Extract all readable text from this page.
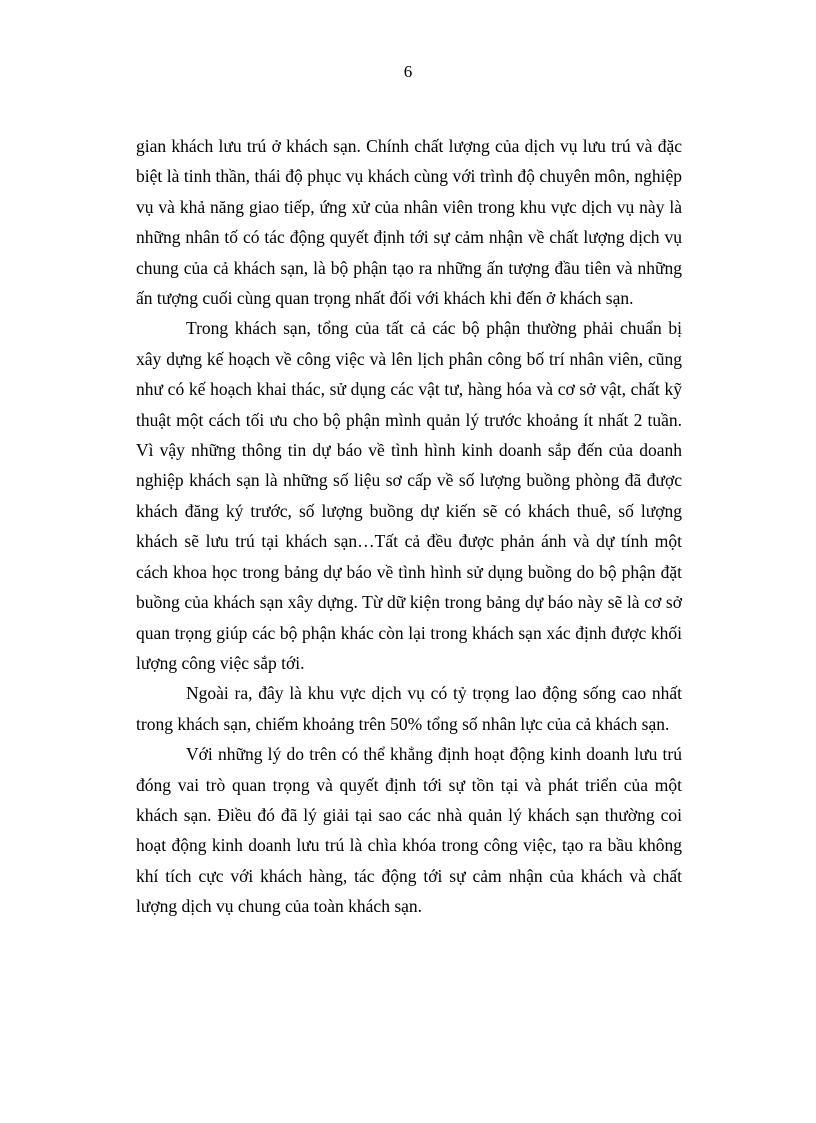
6

gian khách lưu trú ở khách sạn. Chính chất lượng của dịch vụ lưu trú và đặc biệt là tinh thần, thái độ phục vụ khách cùng với trình độ chuyên môn, nghiệp vụ và khả năng giao tiếp, ứng xử của nhân viên trong khu vực dịch vụ này là những nhân tố có tác động quyết định tới sự cảm nhận về chất lượng dịch vụ chung của cả khách sạn, là bộ phận tạo ra những ấn tượng đầu tiên và những ấn tượng cuối cùng quan trọng nhất đối với khách khi đến ở khách sạn.

Trong khách sạn, tổng của tất cả các bộ phận thường phải chuẩn bị xây dựng kế hoạch về công việc và lên lịch phân công bố trí nhân viên, cũng như có kế hoạch khai thác, sử dụng các vật tư, hàng hóa và cơ sở vật, chất kỹ thuật một cách tối ưu cho bộ phận mình quản lý trước khoảng ít nhất 2 tuần. Vì vậy những thông tin dự báo về tình hình kinh doanh sắp đến của doanh nghiệp khách sạn là những số liệu sơ cấp về số lượng buồng phòng đã được khách đăng ký trước, số lượng buồng dự kiến sẽ có khách thuê, số lượng khách sẽ lưu trú tại khách sạn…Tất cả đều được phản ánh và dự tính một cách khoa học trong bảng dự báo về tình hình sử dụng buồng do bộ phận đặt buồng của khách sạn xây dựng. Từ dữ kiện trong bảng dự báo này sẽ là cơ sở quan trọng giúp các bộ phận khác còn lại trong khách sạn xác định được khối lượng công việc sắp tới.

Ngoài ra, đây là khu vực dịch vụ có tỷ trọng lao động sống cao nhất trong khách sạn, chiếm khoảng trên 50% tổng số nhân lực của cả khách sạn.

Với những lý do trên có thể khẳng định hoạt động kinh doanh lưu trú đóng vai trò quan trọng và quyết định tới sự tồn tại và phát triển của một khách sạn. Điều đó đã lý giải tại sao các nhà quản lý khách sạn thường coi hoạt động kinh doanh lưu trú là chìa khóa trong công việc, tạo ra bầu không khí tích cực với khách hàng, tác động tới sự cảm nhận của khách và chất lượng dịch vụ chung của toàn khách sạn.
